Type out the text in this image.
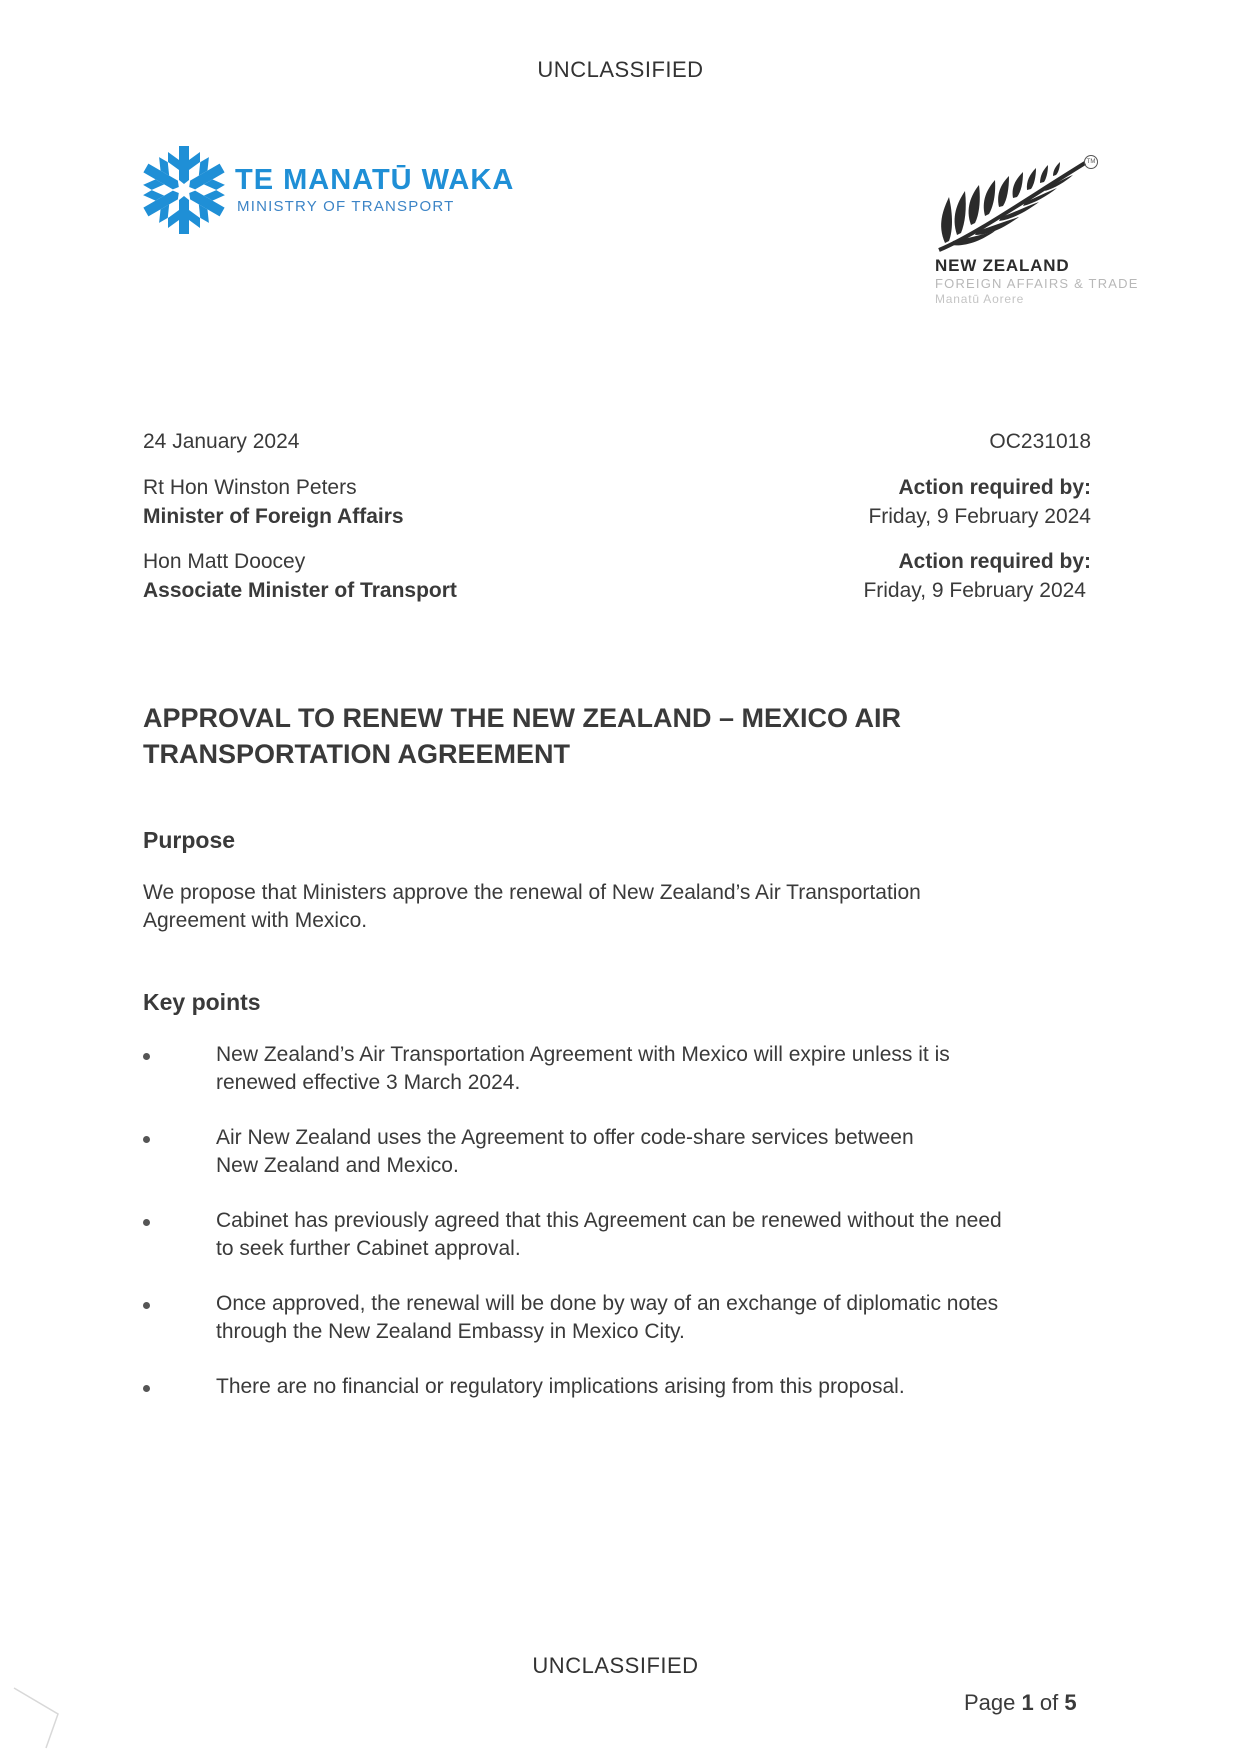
UNCLASSIFIED
TE MANATŪ WAKA
MINISTRY OF TRANSPORT
TM
NEW ZEALAND
FOREIGN AFFAIRS & TRADE
Manatū Aorere
24 January 2024	OC231018
Rt Hon Winston Peters
Minister of Foreign Affairs
Action required by:
Friday, 9 February 2024
Hon Matt Doocey
Associate Minister of Transport
Action required by:
Friday, 9 February 2024
APPROVAL TO RENEW THE NEW ZEALAND – MEXICO AIR
TRANSPORTATION AGREEMENT
Purpose
We propose that Ministers approve the renewal of New Zealand’s Air Transportation
Agreement with Mexico.
Key points
New Zealand’s Air Transportation Agreement with Mexico will expire unless it is
renewed effective 3 March 2024.
Air New Zealand uses the Agreement to offer code-share services between
New Zealand and Mexico.
Cabinet has previously agreed that this Agreement can be renewed without the need
to seek further Cabinet approval.
Once approved, the renewal will be done by way of an exchange of diplomatic notes
through the New Zealand Embassy in Mexico City.
There are no financial or regulatory implications arising from this proposal.
UNCLASSIFIED
Page 1 of 5
